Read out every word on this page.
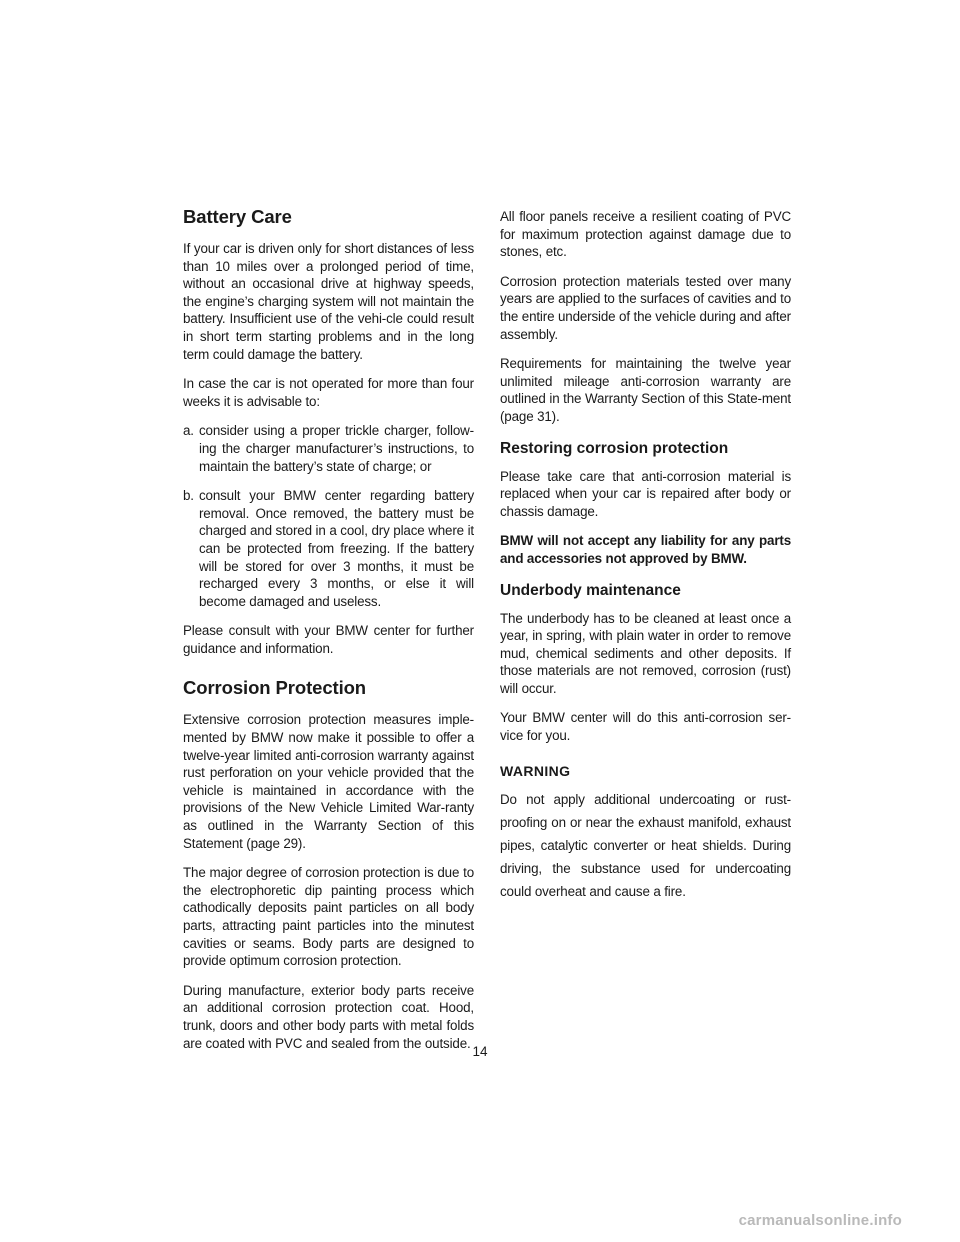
Battery Care

If your car is driven only for short distances of less than 10 miles over a prolonged period of time, without an occasional drive at highway speeds, the engine’s charging system will not maintain the battery. Insufficient use of the vehi-cle could result in short term starting problems and in the long term could damage the battery.

In case the car is not operated for more than four weeks it is advisable to:

a. consider using a proper trickle charger, follow-ing the charger manufacturer’s instructions, to maintain the battery’s state of charge; or
b. consult your BMW center regarding battery removal. Once removed, the battery must be charged and stored in a cool, dry place where it can be protected from freezing. If the battery will be stored for over 3 months, it must be recharged every 3 months, or else it will become damaged and useless.

Please consult with your BMW center for further guidance and information.

Corrosion Protection

Extensive corrosion protection measures imple-mented by BMW now make it possible to offer a twelve-year limited anti-corrosion warranty against rust perforation on your vehicle provided that the vehicle is maintained in accordance with the provisions of the New Vehicle Limited War-ranty as outlined in the Warranty Section of this Statement (page 29).

The major degree of corrosion protection is due to the electrophoretic dip painting process which cathodically deposits paint particles on all body parts, attracting paint particles into the minutest cavities or seams. Body parts are designed to provide optimum corrosion protection.

During manufacture, exterior body parts receive an additional corrosion protection coat. Hood, trunk, doors and other body parts with metal folds are coated with PVC and sealed from the outside.

All floor panels receive a resilient coating of PVC for maximum protection against damage due to stones, etc.

Corrosion protection materials tested over many years are applied to the surfaces of cavities and to the entire underside of the vehicle during and after assembly.

Requirements for maintaining the twelve year unlimited mileage anti-corrosion warranty are outlined in the Warranty Section of this State-ment (page 31).

Restoring corrosion protection

Please take care that anti-corrosion material is replaced when your car is repaired after body or chassis damage.

BMW will not accept any liability for any parts and accessories not approved by BMW.

Underbody maintenance

The underbody has to be cleaned at least once a year, in spring, with plain water in order to remove mud, chemical sediments and other deposits. If those materials are not removed, corrosion (rust) will occur.

Your BMW center will do this anti-corrosion ser-vice for you.

WARNING

Do not apply additional undercoating or rust-proofing on or near the exhaust manifold, exhaust pipes, catalytic converter or heat shields. During driving, the substance used for undercoating could overheat and cause a fire.

14
carmanualsonline.info
